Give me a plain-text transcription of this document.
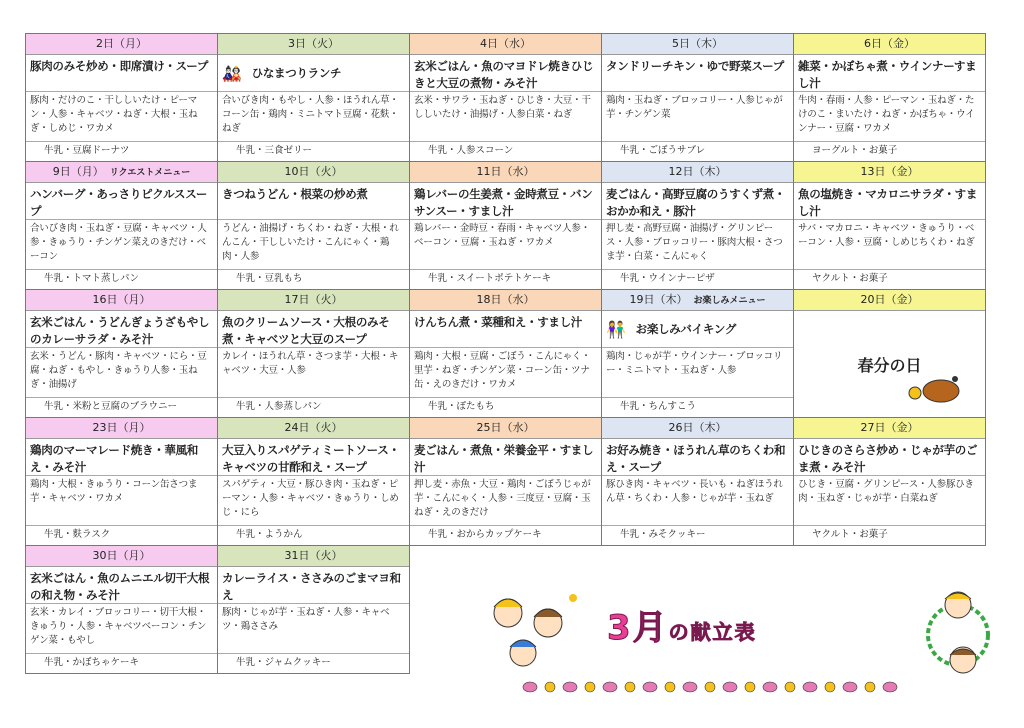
2日（月）
豚肉のみそ炒め・即席漬け・スープ
豚肉・だけのこ・干ししいたけ・ピーマン・人参・キャベツ・ねぎ・大根・玉ねぎ・しめじ・ワカメ
牛乳・豆腐ドーナツ
3日（火）
🎎 ひなまつりランチ
合いびき肉・もやし・人参・ほうれん草・コーン缶・鶏肉・ミニトマト豆腐・花麩・ねぎ
牛乳・三食ゼリー
4日（水）
玄米ごはん・魚のマヨドレ焼きひじきと大豆の煮物・みそ汁
玄米・サワラ・玉ねぎ・ひじき・大豆・干ししいたけ・油揚げ・人参白菜・ねぎ
牛乳・人参スコーン
5日（木）
タンドリーチキン・ゆで野菜スープ
鶏肉・玉ねぎ・ブロッコリー・人参じゃが芋・チンゲン菜
牛乳・ごぼうサブレ
6日（金）
雑菜・かぼちゃ煮・ウインナーすまし汁
牛肉・春雨・人参・ピーマン・玉ねぎ・たけのこ・まいたけ・ねぎ・かぼちゃ・ウインナー・豆腐・ワカメ
ヨーグルト・お菓子
9日（月） リクエストメニュー
ハンバーグ・あっさりピクルススープ
合いびき肉・玉ねぎ・豆腐・キャベツ・人参・きゅうり・チンゲン菜えのきだけ・ベーコン
牛乳・トマト蒸しパン
10日（火）
きつねうどん・根菜の炒め煮
うどん・油揚げ・ちくわ・ねぎ・大根・れんこん・干ししいたけ・こんにゃく・鶏肉・人参
牛乳・豆乳もち
11日（水）
鶏レバーの生姜煮・金時煮豆・バンサンスー・すまし汁
鶏レバー・金時豆・春雨・キャベツ人参・ベーコン・豆腐・玉ねぎ・ワカメ
牛乳・スイートポテトケーキ
12日（木）
麦ごはん・高野豆腐のうすくず煮・おかか和え・豚汁
押し麦・高野豆腐・油揚げ・グリンピース・人参・ブロッコリー・豚肉大根・さつま芋・白菜・こんにゃく
牛乳・ウインナーピザ
13日（金）
魚の塩焼き・マカロニサラダ・すまし汁
サバ・マカロニ・キャベツ・きゅうり・ベーコン・人参・豆腐・しめじちくわ・ねぎ
ヤクルト・お菓子
16日（月）
玄米ごはん・うどんぎょうざもやしのカレーサラダ・みそ汁
玄米・うどん・豚肉・キャベツ・にら・豆腐・ねぎ・もやし・きゅうり人参・玉ねぎ・油揚げ
牛乳・米粉と豆腐のブラウニー
17日（火）
魚のクリームソース・大根のみそ煮・キャベツと大豆のスープ
カレイ・ほうれん草・さつま芋・大根・キャベツ・大豆・人参
牛乳・人参蒸しパン
18日（水）
けんちん煮・菜種和え・すまし汁
鶏肉・大根・豆腐・ごぼう・こんにゃく・里芋・ねぎ・チンゲン菜・コーン缶・ツナ缶・えのきだけ・ワカメ
牛乳・ぽたもち
19日（木） お楽しみメニュー
👫 お楽しみバイキング
鶏肉・じゃが芋・ウインナー・ブロッコリー・ミニトマト・玉ねぎ・人参
牛乳・ちんすこう
20日（金）
春分の日
23日（月）
鶏肉のマーマレード焼き・華風和え・みそ汁
鶏肉・大根・きゅうり・コーン缶さつま芋・キャベツ・ワカメ
牛乳・麩ラスク
24日（火）
大豆入りスパゲティミートソース・キャベツの甘酢和え・スープ
スパゲティ・大豆・豚ひき肉・玉ねぎ・ピーマン・人参・キャベツ・きゅうり・しめじ・にら
牛乳・ようかん
25日（水）
麦ごはん・煮魚・栄養金平・すまし汁
押し麦・赤魚・大豆・鶏肉・ごぼうじゃが芋・こんにゃく・人参・三度豆・豆腐・玉ねぎ・えのきだけ
牛乳・おからカップケーキ
26日（木）
お好み焼き・ほうれん草のちくわ和え・スープ
豚ひき肉・キャベツ・長いも・ねぎほうれん草・ちくわ・人参・じゃが芋・玉ねぎ
牛乳・みそクッキー
27日（金）
ひじきのさらさ炒め・じゃが芋のごま煮・みそ汁
ひじき・豆腐・グリンピース・人参豚ひき肉・玉ねぎ・じゃが芋・白菜ねぎ
ヤクルト・お菓子
30日（月）
玄米ごはん・魚のムニエル切干大根の和え物・みそ汁
玄米・カレイ・ブロッコリー・切干大根・きゅうり・人参・キャベツベーコン・チンゲン菜・もやし
牛乳・かぼちゃケーキ
31日（火）
カレーライス・ささみのごまマヨ和え
豚肉・じゃが芋・玉ねぎ・人参・キャベツ・鶏ささみ
牛乳・ジャムクッキー
3月の献立表
